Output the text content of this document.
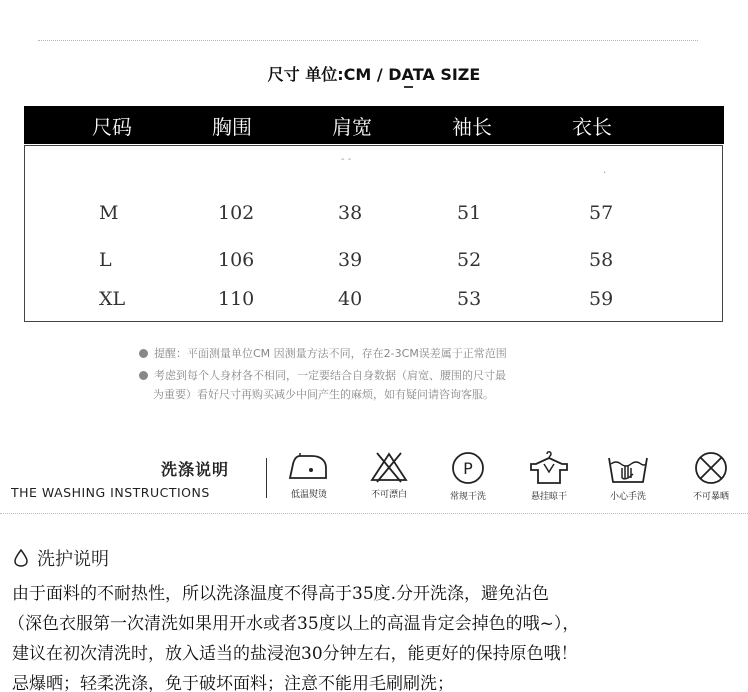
尺寸 单位:CM / DATA SIZE
尺码	胸围	肩宽	袖长	衣长
‑ ‑
·
M	102	38	51	57
L	106	39	52	58
XL	110	40	53	59
提醒：平面测量单位CM 因测量方法不同，存在2-3CM误差属于正常范围
考虑到每个人身材各不相同，一定要结合自身数据（肩宽、腰围的尺寸最
为重要）看好尺寸再购买减少中间产生的麻烦，如有疑问请咨询客服。
洗涤说明
THE WASHING INSTRUCTIONS	低温熨烫	不可漂白
P
常规干洗	悬挂晾干	小心手洗	不可暴晒
洗护说明
由于面料的不耐热性，所以洗涤温度不得高于35度.分开洗涤，避免沾色
（深色衣服第一次清洗如果用开水或者35度以上的高温肯定会掉色的哦~），
建议在初次清洗时，放入适当的盐浸泡30分钟左右，能更好的保持原色哦！
忌爆晒；轻柔洗涤，免于破坏面料；注意不能用毛刷刷洗；
